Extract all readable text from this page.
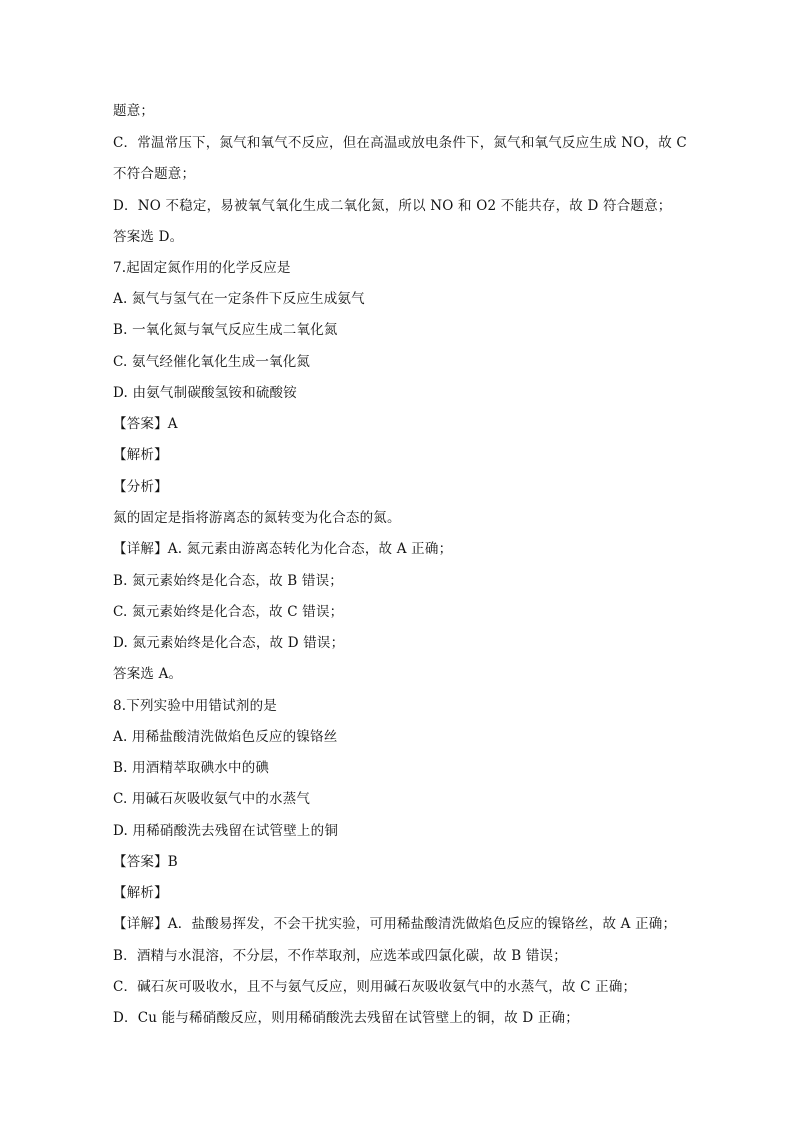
题意；
C．常温常压下，氮气和氧气不反应，但在高温或放电条件下，氮气和氧气反应生成 NO，故 C
不符合题意；
D．NO 不稳定，易被氧气氧化生成二氧化氮，所以 NO 和 O2 不能共存，故 D 符合题意；
答案选 D。
7.起固定氮作用的化学反应是
A. 氮气与氢气在一定条件下反应生成氨气
B. 一氧化氮与氧气反应生成二氧化氮
C. 氨气经催化氧化生成一氧化氮
D. 由氨气制碳酸氢铵和硫酸铵
【答案】A
【解析】
【分析】
氮的固定是指将游离态的氮转变为化合态的氮。
【详解】A. 氮元素由游离态转化为化合态，故 A 正确；
B. 氮元素始终是化合态，故 B 错误；
C. 氮元素始终是化合态，故 C 错误；
D. 氮元素始终是化合态，故 D 错误；
答案选 A。
8.下列实验中用错试剂的是
A. 用稀盐酸清洗做焰色反应的镍铬丝
B. 用酒精萃取碘水中的碘
C. 用碱石灰吸收氨气中的水蒸气
D. 用稀硝酸洗去残留在试管壁上的铜
【答案】B
【解析】
【详解】A．盐酸易挥发，不会干扰实验，可用稀盐酸清洗做焰色反应的镍铬丝，故 A 正确；
B．酒精与水混溶，不分层，不作萃取剂，应选苯或四氯化碳，故 B 错误；
C．碱石灰可吸收水，且不与氨气反应，则用碱石灰吸收氨气中的水蒸气，故 C 正确；
D．Cu 能与稀硝酸反应，则用稀硝酸洗去残留在试管壁上的铜，故 D 正确；
